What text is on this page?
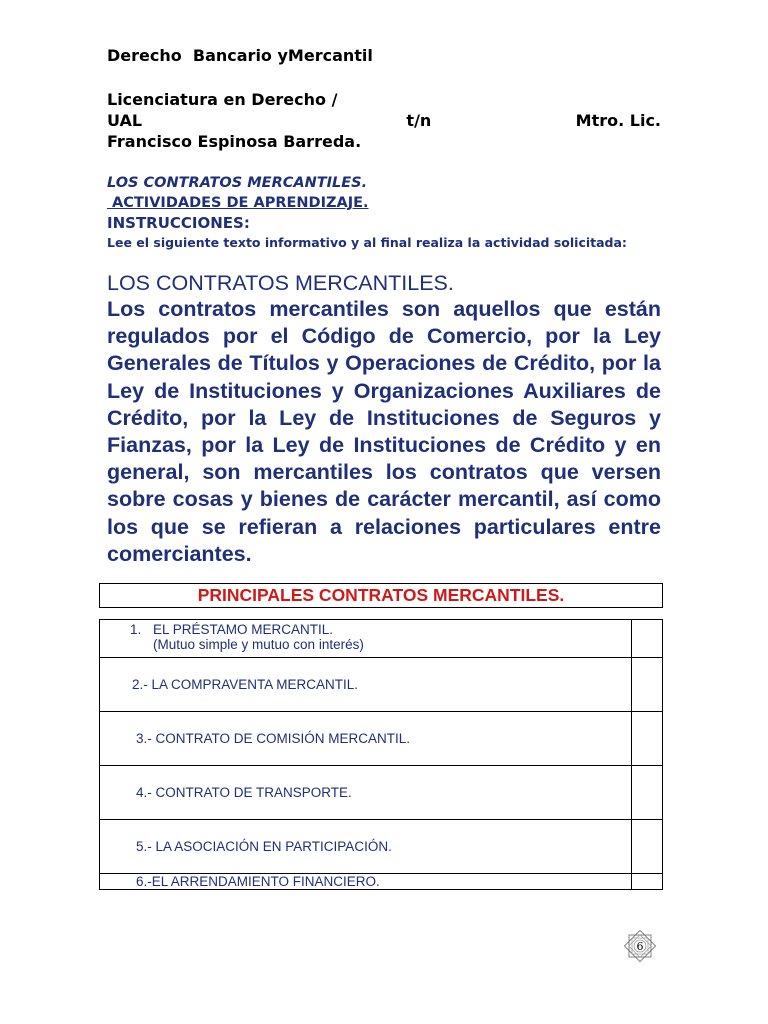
Derecho  Bancario yMercantil
Licenciatura en Derecho /
UAL	t/n	Mtro. Lic.
Francisco Espinosa Barreda.
LOS CONTRATOS MERCANTILES.
ACTIVIDADES DE APRENDIZAJE.
INSTRUCCIONES:
Lee el siguiente texto informativo y al final realiza la actividad solicitada:
LOS CONTRATOS MERCANTILES.
Los contratos mercantiles son aquellos que están regulados por el Código de Comercio, por la Ley Generales de Títulos y Operaciones de Crédito, por la Ley de Instituciones y Organizaciones Auxiliares de Crédito, por la Ley de Instituciones de Seguros y Fianzas, por la Ley de Instituciones de Crédito y en general, son mercantiles los contratos que versen sobre cosas y bienes de carácter mercantil, así como los que se refieran a relaciones particulares entre comerciantes.
PRINCIPALES CONTRATOS MERCANTILES.
1. EL PRÉSTAMO MERCANTIL.
(Mutuo simple y mutuo con interés)	

2.- LA COMPRAVENTA MERCANTIL.	
3.- CONTRATO DE COMISIÓN MERCANTIL.	
4.- CONTRATO DE TRANSPORTE.	
5.- LA ASOCIACIÓN EN PARTICIPACIÓN.	
6.-EL ARRENDAMIENTO FINANCIERO.	
6
